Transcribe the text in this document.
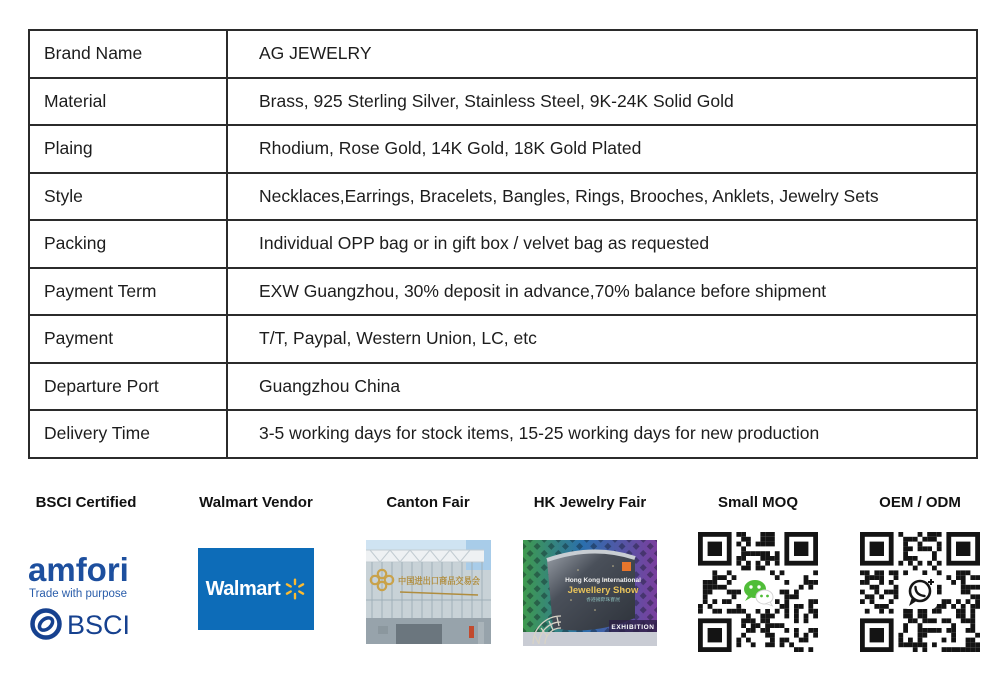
Brand Name	AG JEWELRY
Material	Brass, 925 Sterling Silver, Stainless Steel, 9K-24K Solid Gold
Plaing	Rhodium, Rose Gold, 14K Gold, 18K Gold Plated
Style	Necklaces,Earrings, Bracelets, Bangles, Rings, Brooches, Anklets, Jewelry Sets
Packing	Individual OPP bag or in gift box / velvet bag as requested
Payment Term	EXW Guangzhou, 30% deposit in advance,70% balance before shipment
Payment	T/T, Paypal, Western Union, LC, etc
Departure Port	Guangzhou China
Delivery Time	3-5 working days for stock items, 15-25 working days for new production
BSCI Certified
amfori
Trade with purpose
BSCI
Walmart Vendor
Walmart
Canton Fair
中国进出口商品交易会
HK Jewelry Fair
Hong Kong International
Jewellery Show
香港國際珠寶展
EXHIBITION
Small MOQ	OEM / ODM
